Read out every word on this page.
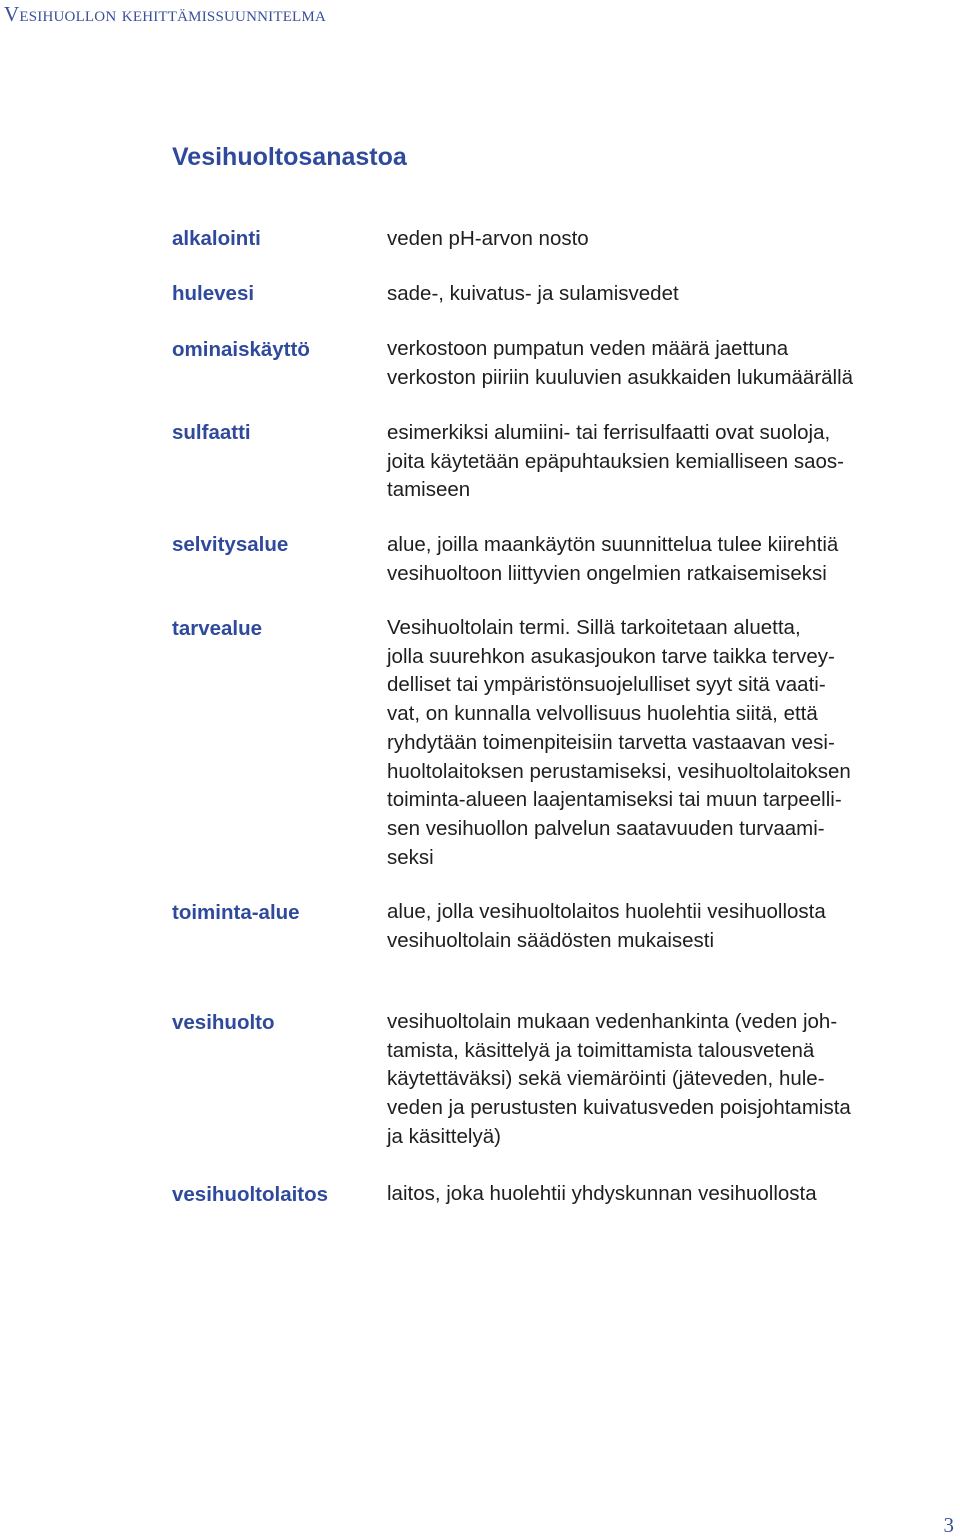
Vesihuollon kehittämissuunnitelma
Vesihuoltosanastoa
alkalointi	veden pH-arvon nosto
hulevesi	sade-, kuivatus- ja sulamisvedet
ominaiskäyttö	verkostoon pumpatun veden määrä jaettuna
verkoston piiriin kuuluvien asukkaiden lukumäärällä
sulfaatti	esimerkiksi alumiini- tai ferrisulfaatti ovat suoloja,
joita käytetään epäpuhtauksien kemialliseen saos-
tamiseen
selvitysalue	alue, joilla maankäytön suunnittelua tulee kiirehtiä
vesihuoltoon liittyvien ongelmien ratkaisemiseksi
tarvealue	Vesihuoltolain termi. Sillä tarkoitetaan aluetta,
jolla suurehkon asukasjoukon tarve taikka tervey-
delliset tai ympäristönsuojelulliset syyt sitä vaati-
vat, on kunnalla velvollisuus huolehtia siitä, että
ryhdytään toimenpiteisiin tarvetta vastaavan vesi-
huoltolaitoksen perustamiseksi, vesihuoltolaitoksen
toiminta-alueen laajentamiseksi tai muun tarpeelli-
sen vesihuollon palvelun saatavuuden turvaami-
seksi
toiminta-alue	alue, jolla vesihuoltolaitos huolehtii vesihuollosta
vesihuoltolain säädösten mukaisesti
vesihuolto	vesihuoltolain mukaan vedenhankinta (veden joh-
tamista, käsittelyä ja toimittamista talousvetenä
käytettäväksi) sekä viemäröinti (jäteveden, hule-
veden ja perustusten kuivatusveden poisjohtamista
ja käsittelyä)
vesihuoltolaitos	laitos, joka huolehtii yhdyskunnan vesihuollosta
3
